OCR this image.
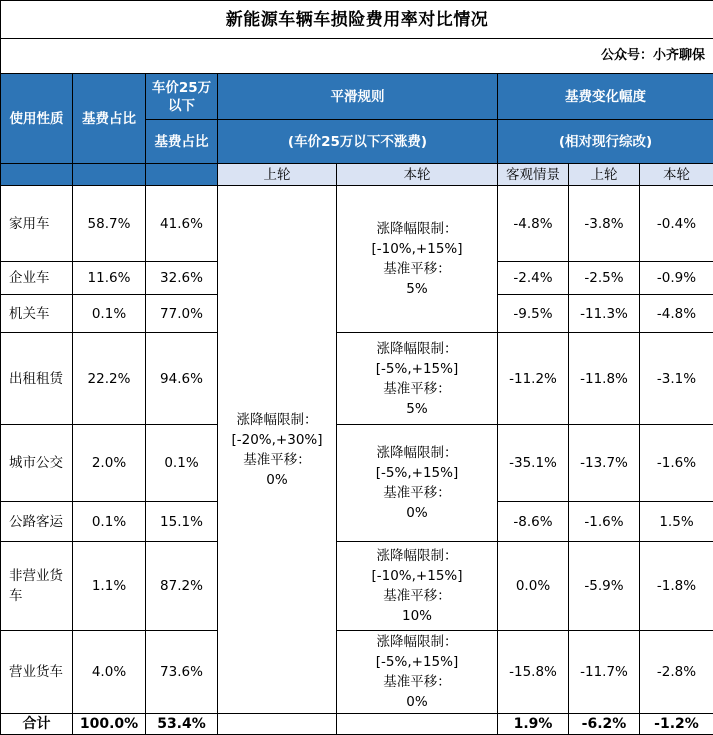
新能源车辆车损险费用率对比情况							
公众号：小齐聊保							
使用性质	基费占比	车价25万以下	平滑规则		基费变化幅度		
		基费占比	(车价25万以下不涨费)		(相对现行综改)		
			上轮	本轮	客观情景	上轮	本轮
家用车	58.7%	41.6%	涨降幅限制：
[-20%,+30%]
基准平移：
0%	涨降幅限制：
[-10%,+15%]
基准平移：
5%	-4.8%	-3.8%	-0.4%
企业车	11.6%	32.6%			-2.4%	-2.5%	-0.9%
机关车	0.1%	77.0%			-9.5%	-11.3%	-4.8%
出租租赁	22.2%	94.6%		涨降幅限制：
[-5%,+15%]
基准平移：
5%	-11.2%	-11.8%	-3.1%
城市公交	2.0%	0.1%		涨降幅限制：
[-5%,+15%]
基准平移：
0%	-35.1%	-13.7%	-1.6%
公路客运	0.1%	15.1%			-8.6%	-1.6%	1.5%
非营业货车	1.1%	87.2%		涨降幅限制：
[-10%,+15%]
基准平移：
10%	0.0%	-5.9%	-1.8%
营业货车	4.0%	73.6%		涨降幅限制：
[-5%,+15%]
基准平移：
0%	-15.8%	-11.7%	-2.8%
合计	100.0%	53.4%			1.9%	-6.2%	-1.2%
